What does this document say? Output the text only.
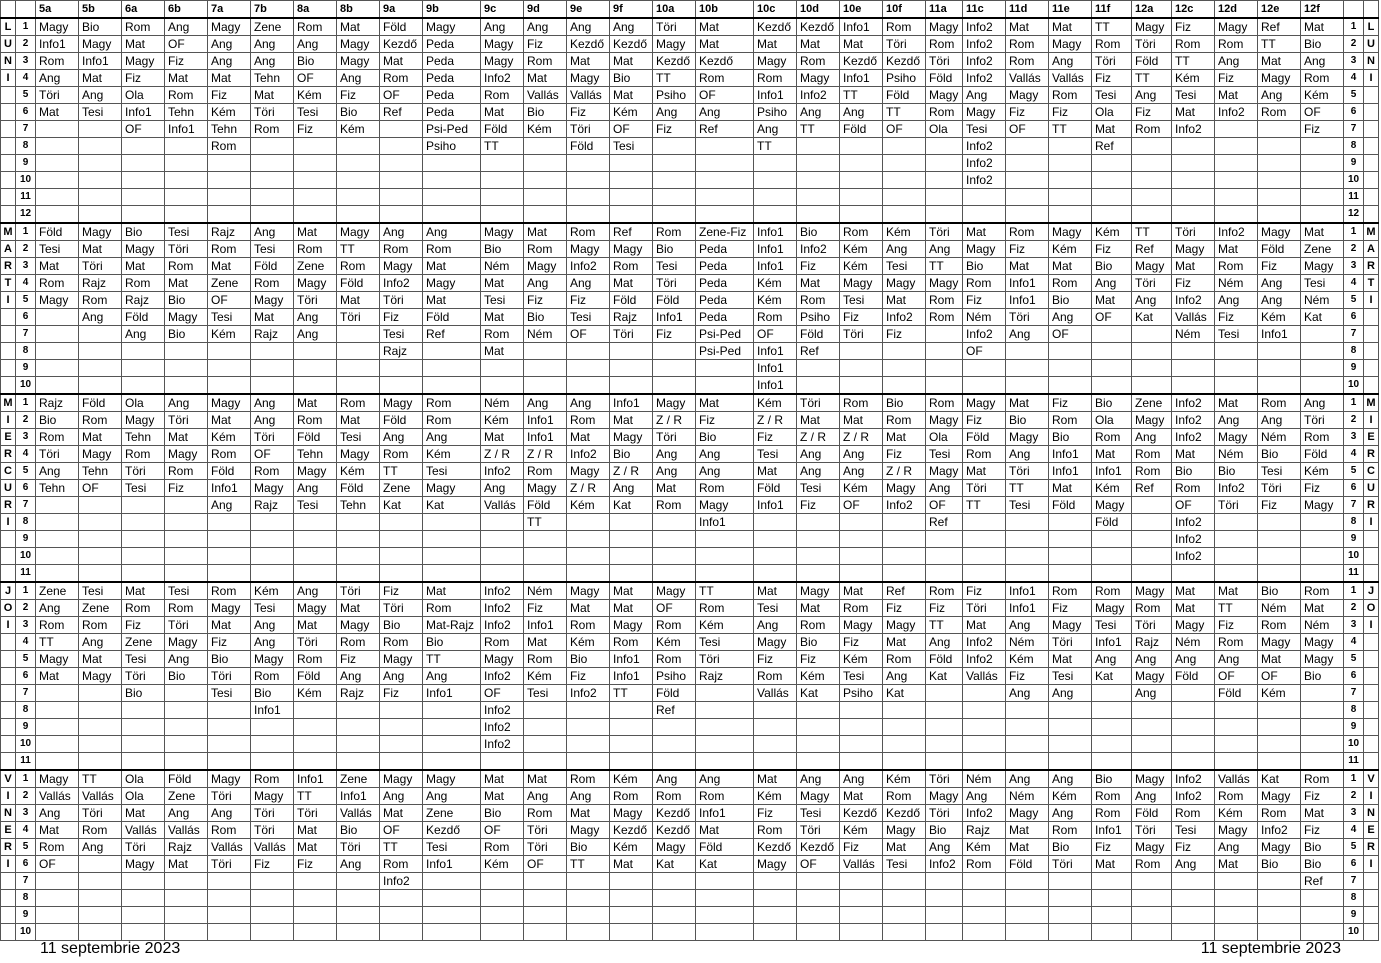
		5a	5b	6a	6b	7a	7b	8a	8b	9a	9b	9c	9d	9e	9f	10a	10b	10c	10d	10e	10f	11a	11c	11d	11e	11f	12a	12c	12d	12e	12f		
L	1	Magy	Bio	Rom	Ang	Magy	Zene	Rom	Mat	Föld	Magy	Ang	Ang	Ang	Ang	Töri	Mat	Kezdő	Kezdő	Info1	Rom	Magy	Info2	Mat	Mat	TT	Magy	Fiz	Magy	Ref	Mat	1	L
U	2	Info1	Magy	Mat	OF	Ang	Ang	Ang	Magy	Kezdő	Peda	Magy	Fiz	Kezdő	Kezdő	Magy	Mat	Mat	Mat	Mat	Töri	Rom	Info2	Rom	Magy	Rom	Töri	Rom	Rom	TT	Bio	2	U
N	3	Rom	Info1	Magy	Fiz	Ang	Ang	Bio	Magy	Mat	Peda	Magy	Rom	Mat	Mat	Kezdő	Kezdő	Magy	Rom	Kezdő	Kezdő	Töri	Info2	Rom	Ang	Töri	Föld	TT	Ang	Mat	Ang	3	N
I	4	Ang	Mat	Fiz	Mat	Mat	Tehn	OF	Ang	Rom	Peda	Info2	Mat	Magy	Bio	TT	Rom	Rom	Magy	Info1	Psiho	Föld	Info2	Vallás	Vallás	Fiz	TT	Kém	Fiz	Magy	Rom	4	I
	5	Töri	Ang	Ola	Rom	Fiz	Mat	Kém	Fiz	OF	Peda	Rom	Vallás	Vallás	Mat	Psiho	OF	Info1	Info2	TT	Föld	Magy	Ang	Magy	Rom	Tesi	Ang	Tesi	Mat	Ang	Kém	5	
	6	Mat	Tesi	Info1	Tehn	Kém	Töri	Tesi	Bio	Ref	Peda	Mat	Bio	Fiz	Kém	Ang	Ang	Psiho	Ang	Ang	TT	Rom	Magy	Fiz	Fiz	Ola	Fiz	Mat	Info2	Rom	OF	6	
	7			OF	Info1	Tehn	Rom	Fiz	Kém		Psi-Ped	Föld	Kém	Töri	OF	Fiz	Ref	Ang	TT	Föld	OF	Ola	Tesi	OF	TT	Mat	Rom	Info2			Fiz	7	
	8					Rom					Psiho	TT		Föld	Tesi			TT					Info2			Ref						8	
	9																						Info2									9	
	10																						Info2									10	
	11																															11	
	12																															12	
M	1	Föld	Magy	Bio	Tesi	Rajz	Ang	Mat	Magy	Ang	Ang	Magy	Mat	Rom	Ref	Rom	Zene-Fiz	Info1	Bio	Rom	Kém	Töri	Mat	Rom	Magy	Kém	TT	Töri	Info2	Magy	Mat	1	M
A	2	Tesi	Mat	Magy	Töri	Rom	Tesi	Rom	TT	Rom	Rom	Bio	Rom	Magy	Magy	Bio	Peda	Info1	Info2	Kém	Ang	Ang	Magy	Fiz	Kém	Fiz	Ref	Magy	Mat	Föld	Zene	2	A
R	3	Mat	Töri	Mat	Rom	Mat	Föld	Zene	Rom	Magy	Mat	Ném	Magy	Info2	Rom	Tesi	Peda	Info1	Fiz	Kém	Tesi	TT	Bio	Mat	Mat	Bio	Magy	Mat	Rom	Fiz	Magy	3	R
T	4	Rom	Rajz	Rom	Mat	Zene	Rom	Magy	Föld	Info2	Magy	Mat	Ang	Ang	Mat	Töri	Peda	Kém	Mat	Magy	Magy	Magy	Rom	Info1	Rom	Ang	Töri	Fiz	Ném	Ang	Tesi	4	T
I	5	Magy	Rom	Rajz	Bio	OF	Magy	Töri	Mat	Töri	Mat	Tesi	Fiz	Fiz	Föld	Föld	Peda	Kém	Rom	Tesi	Mat	Rom	Fiz	Info1	Bio	Mat	Ang	Info2	Ang	Ang	Ném	5	I
	6		Ang	Föld	Magy	Tesi	Mat	Ang	Töri	Fiz	Föld	Mat	Bio	Tesi	Rajz	Info1	Peda	Rom	Psiho	Fiz	Info2	Rom	Ném	Töri	Ang	OF	Kat	Vallás	Fiz	Kém	Kat	6	
	7			Ang	Bio	Kém	Rajz	Ang		Tesi	Ref	Rom	Ném	OF	Töri	Fiz	Psi-Ped	OF	Föld	Töri	Fiz		Info2	Ang	OF			Ném	Tesi	Info1		7	
	8									Rajz		Mat					Psi-Ped	Info1	Ref				OF									8	
	9																	Info1														9	
	10																	Info1														10	
M	1	Rajz	Föld	Ola	Ang	Magy	Ang	Mat	Rom	Magy	Rom	Ném	Ang	Ang	Info1	Magy	Mat	Kém	Töri	Rom	Bio	Rom	Magy	Mat	Fiz	Bio	Zene	Info2	Mat	Rom	Ang	1	M
I	2	Bio	Rom	Magy	Töri	Mat	Ang	Rom	Mat	Föld	Rom	Kém	Info1	Rom	Mat	Z / R	Fiz	Z / R	Mat	Mat	Rom	Magy	Fiz	Bio	Rom	Ola	Magy	Info2	Ang	Ang	Töri	2	I
E	3	Rom	Mat	Tehn	Mat	Kém	Töri	Föld	Tesi	Ang	Ang	Mat	Info1	Mat	Magy	Töri	Bio	Fiz	Z / R	Z / R	Mat	Ola	Föld	Magy	Bio	Rom	Ang	Info2	Magy	Ném	Rom	3	E
R	4	Töri	Magy	Rom	Magy	Rom	OF	Tehn	Magy	Rom	Kém	Z / R	Z / R	Info2	Bio	Ang	Ang	Tesi	Ang	Ang	Fiz	Tesi	Rom	Ang	Info1	Mat	Rom	Mat	Ném	Bio	Föld	4	R
C	5	Ang	Tehn	Töri	Rom	Föld	Rom	Magy	Kém	TT	Tesi	Info2	Rom	Magy	Z / R	Ang	Ang	Mat	Ang	Ang	Z / R	Magy	Mat	Töri	Info1	Info1	Rom	Bio	Bio	Tesi	Kém	5	C
U	6	Tehn	OF	Tesi	Fiz	Info1	Magy	Ang	Föld	Zene	Magy	Ang	Magy	Z / R	Ang	Mat	Rom	Föld	Tesi	Kém	Magy	Ang	Töri	TT	Mat	Kém	Ref	Rom	Info2	Töri	Fiz	6	U
R	7					Ang	Rajz	Tesi	Tehn	Kat	Kat	Vallás	Föld	Kém	Kat	Rom	Magy	Info1	Fiz	OF	Info2	OF	TT	Tesi	Föld	Magy		OF	Töri	Fiz	Magy	7	R
I	8												TT				Info1					Ref				Föld		Info2				8	I
	9																											Info2				9	
	10																											Info2				10	
	11																															11	
J	1	Zene	Tesi	Mat	Tesi	Rom	Kém	Ang	Töri	Fiz	Mat	Info2	Ném	Magy	Mat	Magy	TT	Mat	Magy	Mat	Ref	Rom	Fiz	Info1	Rom	Rom	Magy	Mat	Mat	Bio	Rom	1	J
O	2	Ang	Zene	Rom	Rom	Magy	Tesi	Magy	Mat	Töri	Rom	Info2	Fiz	Mat	Mat	OF	Rom	Tesi	Mat	Rom	Fiz	Fiz	Töri	Info1	Fiz	Magy	Rom	Mat	TT	Ném	Mat	2	O
I	3	Rom	Rom	Fiz	Töri	Mat	Ang	Mat	Magy	Bio	Mat-Rajz	Info2	Info1	Rom	Magy	Rom	Kém	Ang	Rom	Magy	Magy	TT	Mat	Ang	Magy	Tesi	Töri	Magy	Fiz	Rom	Ném	3	I
	4	TT	Ang	Zene	Magy	Fiz	Ang	Töri	Rom	Rom	Bio	Rom	Mat	Kém	Rom	Kém	Tesi	Magy	Bio	Fiz	Mat	Ang	Info2	Ném	Töri	Info1	Rajz	Ném	Rom	Magy	Magy	4	
	5	Magy	Mat	Tesi	Ang	Bio	Magy	Rom	Fiz	Magy	TT	Magy	Rom	Bio	Info1	Rom	Töri	Fiz	Fiz	Kém	Rom	Föld	Info2	Kém	Mat	Ang	Ang	Ang	Ang	Mat	Magy	5	
	6	Mat	Magy	Töri	Bio	Töri	Rom	Föld	Ang	Ang	Ang	Info2	Kém	Fiz	Info1	Psiho	Rajz	Rom	Kém	Tesi	Ang	Kat	Vallás	Fiz	Tesi	Kat	Magy	Föld	OF	OF	Bio	6	
	7			Bio		Tesi	Bio	Kém	Rajz	Fiz	Info1	OF	Tesi	Info2	TT	Föld		Vallás	Kat	Psiho	Kat			Ang	Ang		Ang		Föld	Kém		7	
	8						Info1					Info2				Ref																8	
	9											Info2																				9	
	10											Info2																				10	
	11																															11	
V	1	Magy	TT	Ola	Föld	Magy	Rom	Info1	Zene	Magy	Magy	Mat	Mat	Rom	Kém	Ang	Ang	Mat	Ang	Ang	Kém	Töri	Ném	Ang	Ang	Bio	Magy	Info2	Vallás	Kat	Rom	1	V
I	2	Vallás	Vallás	Ola	Zene	Töri	Magy	TT	Info1	Ang	Ang	Mat	Ang	Ang	Rom	Rom	Rom	Kém	Magy	Mat	Rom	Magy	Ang	Ném	Kém	Rom	Ang	Info2	Rom	Magy	Fiz	2	I
N	3	Ang	Töri	Mat	Ang	Ang	Töri	Töri	Vallás	Mat	Zene	Bio	Rom	Mat	Magy	Kezdő	Info1	Fiz	Tesi	Kezdő	Kezdő	Töri	Info2	Magy	Ang	Rom	Föld	Rom	Kém	Rom	Mat	3	N
E	4	Mat	Rom	Vallás	Vallás	Rom	Töri	Mat	Bio	OF	Kezdő	OF	Töri	Magy	Kezdő	Kezdő	Mat	Rom	Töri	Kém	Magy	Bio	Rajz	Mat	Rom	Info1	Töri	Tesi	Magy	Info2	Fiz	4	E
R	5	Rom	Ang	Töri	Rajz	Vallás	Vallás	Mat	Töri	TT	Tesi	Rom	Töri	Bio	Kém	Magy	Föld	Kezdő	Kezdő	Fiz	Mat	Ang	Kém	Mat	Bio	Fiz	Magy	Fiz	Ang	Magy	Bio	5	R
I	6	OF		Magy	Mat	Töri	Fiz	Fiz	Ang	Rom	Info1	Kém	OF	TT	Mat	Kat	Kat	Magy	OF	Vallás	Tesi	Info2	Rom	Föld	Töri	Mat	Rom	Ang	Mat	Bio	Bio	6	I
	7									Info2																					Ref	7	
	8																															8	
	9																															9	
	10																															10	
11 septembrie 2023	11 septembrie 2023
